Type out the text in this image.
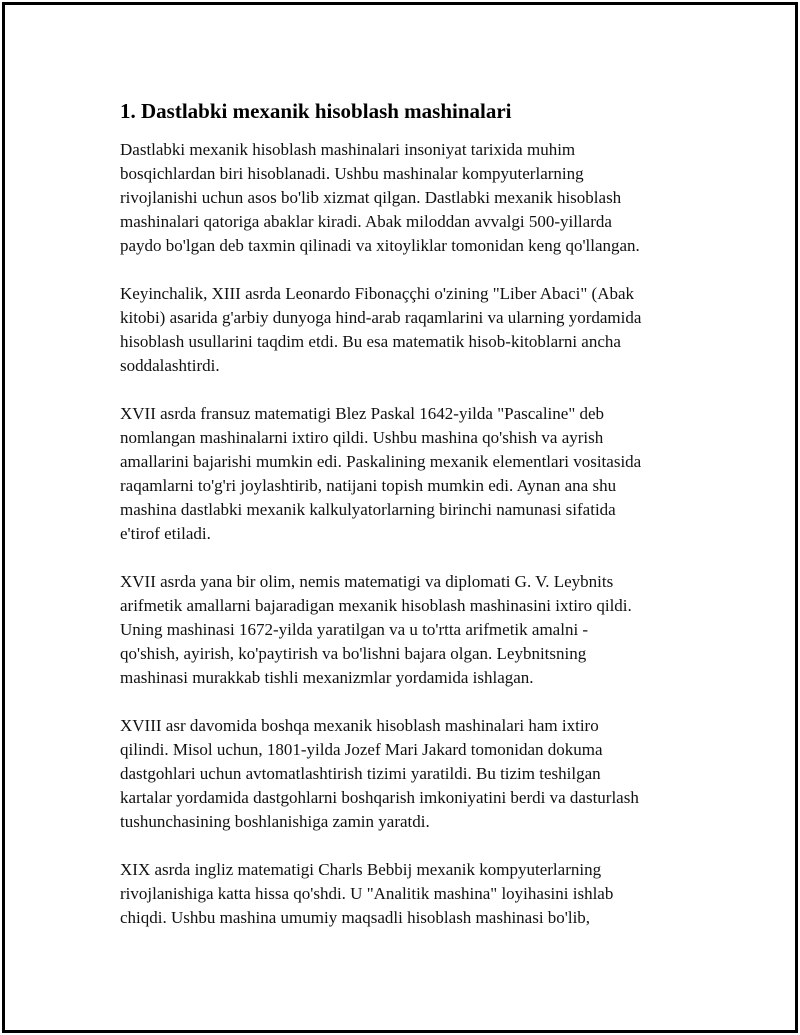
1. Dastlabki mexanik hisoblash mashinalari

Dastlabki mexanik hisoblash mashinalari insoniyat tarixida muhim
bosqichlardan biri hisoblanadi. Ushbu mashinalar kompyuterlarning
rivojlanishi uchun asos bo'lib xizmat qilgan. Dastlabki mexanik hisoblash
mashinalari qatoriga abaklar kiradi. Abak miloddan avvalgi 500-yillarda
paydo bo'lgan deb taxmin qilinadi va xitoyliklar tomonidan keng qo'llangan.

Keyinchalik, XIII asrda Leonardo Fibonaççhi o'zining "Liber Abaci" (Abak
kitobi) asarida g'arbiy dunyoga hind-arab raqamlarini va ularning yordamida
hisoblash usullarini taqdim etdi. Bu esa matematik hisob-kitoblarni ancha
soddalashtirdi.

XVII asrda fransuz matematigi Blez Paskal 1642-yilda "Pascaline" deb
nomlangan mashinalarni ixtiro qildi. Ushbu mashina qo'shish va ayrish
amallarini bajarishi mumkin edi. Paskalining mexanik elementlari vositasida
raqamlarni to'g'ri joylashtirib, natijani topish mumkin edi. Aynan ana shu
mashina dastlabki mexanik kalkulyatorlarning birinchi namunasi sifatida
e'tirof etiladi.

XVII asrda yana bir olim, nemis matematigi va diplomati G. V. Leybnits
arifmetik amallarni bajaradigan mexanik hisoblash mashinasini ixtiro qildi.
Uning mashinasi 1672-yilda yaratilgan va u to'rtta arifmetik amalni -
qo'shish, ayirish, ko'paytirish va bo'lishni bajara olgan. Leybnitsning
mashinasi murakkab tishli mexanizmlar yordamida ishlagan.

XVIII asr davomida boshqa mexanik hisoblash mashinalari ham ixtiro
qilindi. Misol uchun, 1801-yilda Jozef Mari Jakard tomonidan dokuma
dastgohlari uchun avtomatlashtirish tizimi yaratildi. Bu tizim teshilgan
kartalar yordamida dastgohlarni boshqarish imkoniyatini berdi va dasturlash
tushunchasining boshlanishiga zamin yaratdi.

XIX asrda ingliz matematigi Charls Bebbij mexanik kompyuterlarning
rivojlanishiga katta hissa qo'shdi. U "Analitik mashina" loyihasini ishlab
chiqdi. Ushbu mashina umumiy maqsadli hisoblash mashinasi bo'lib,
